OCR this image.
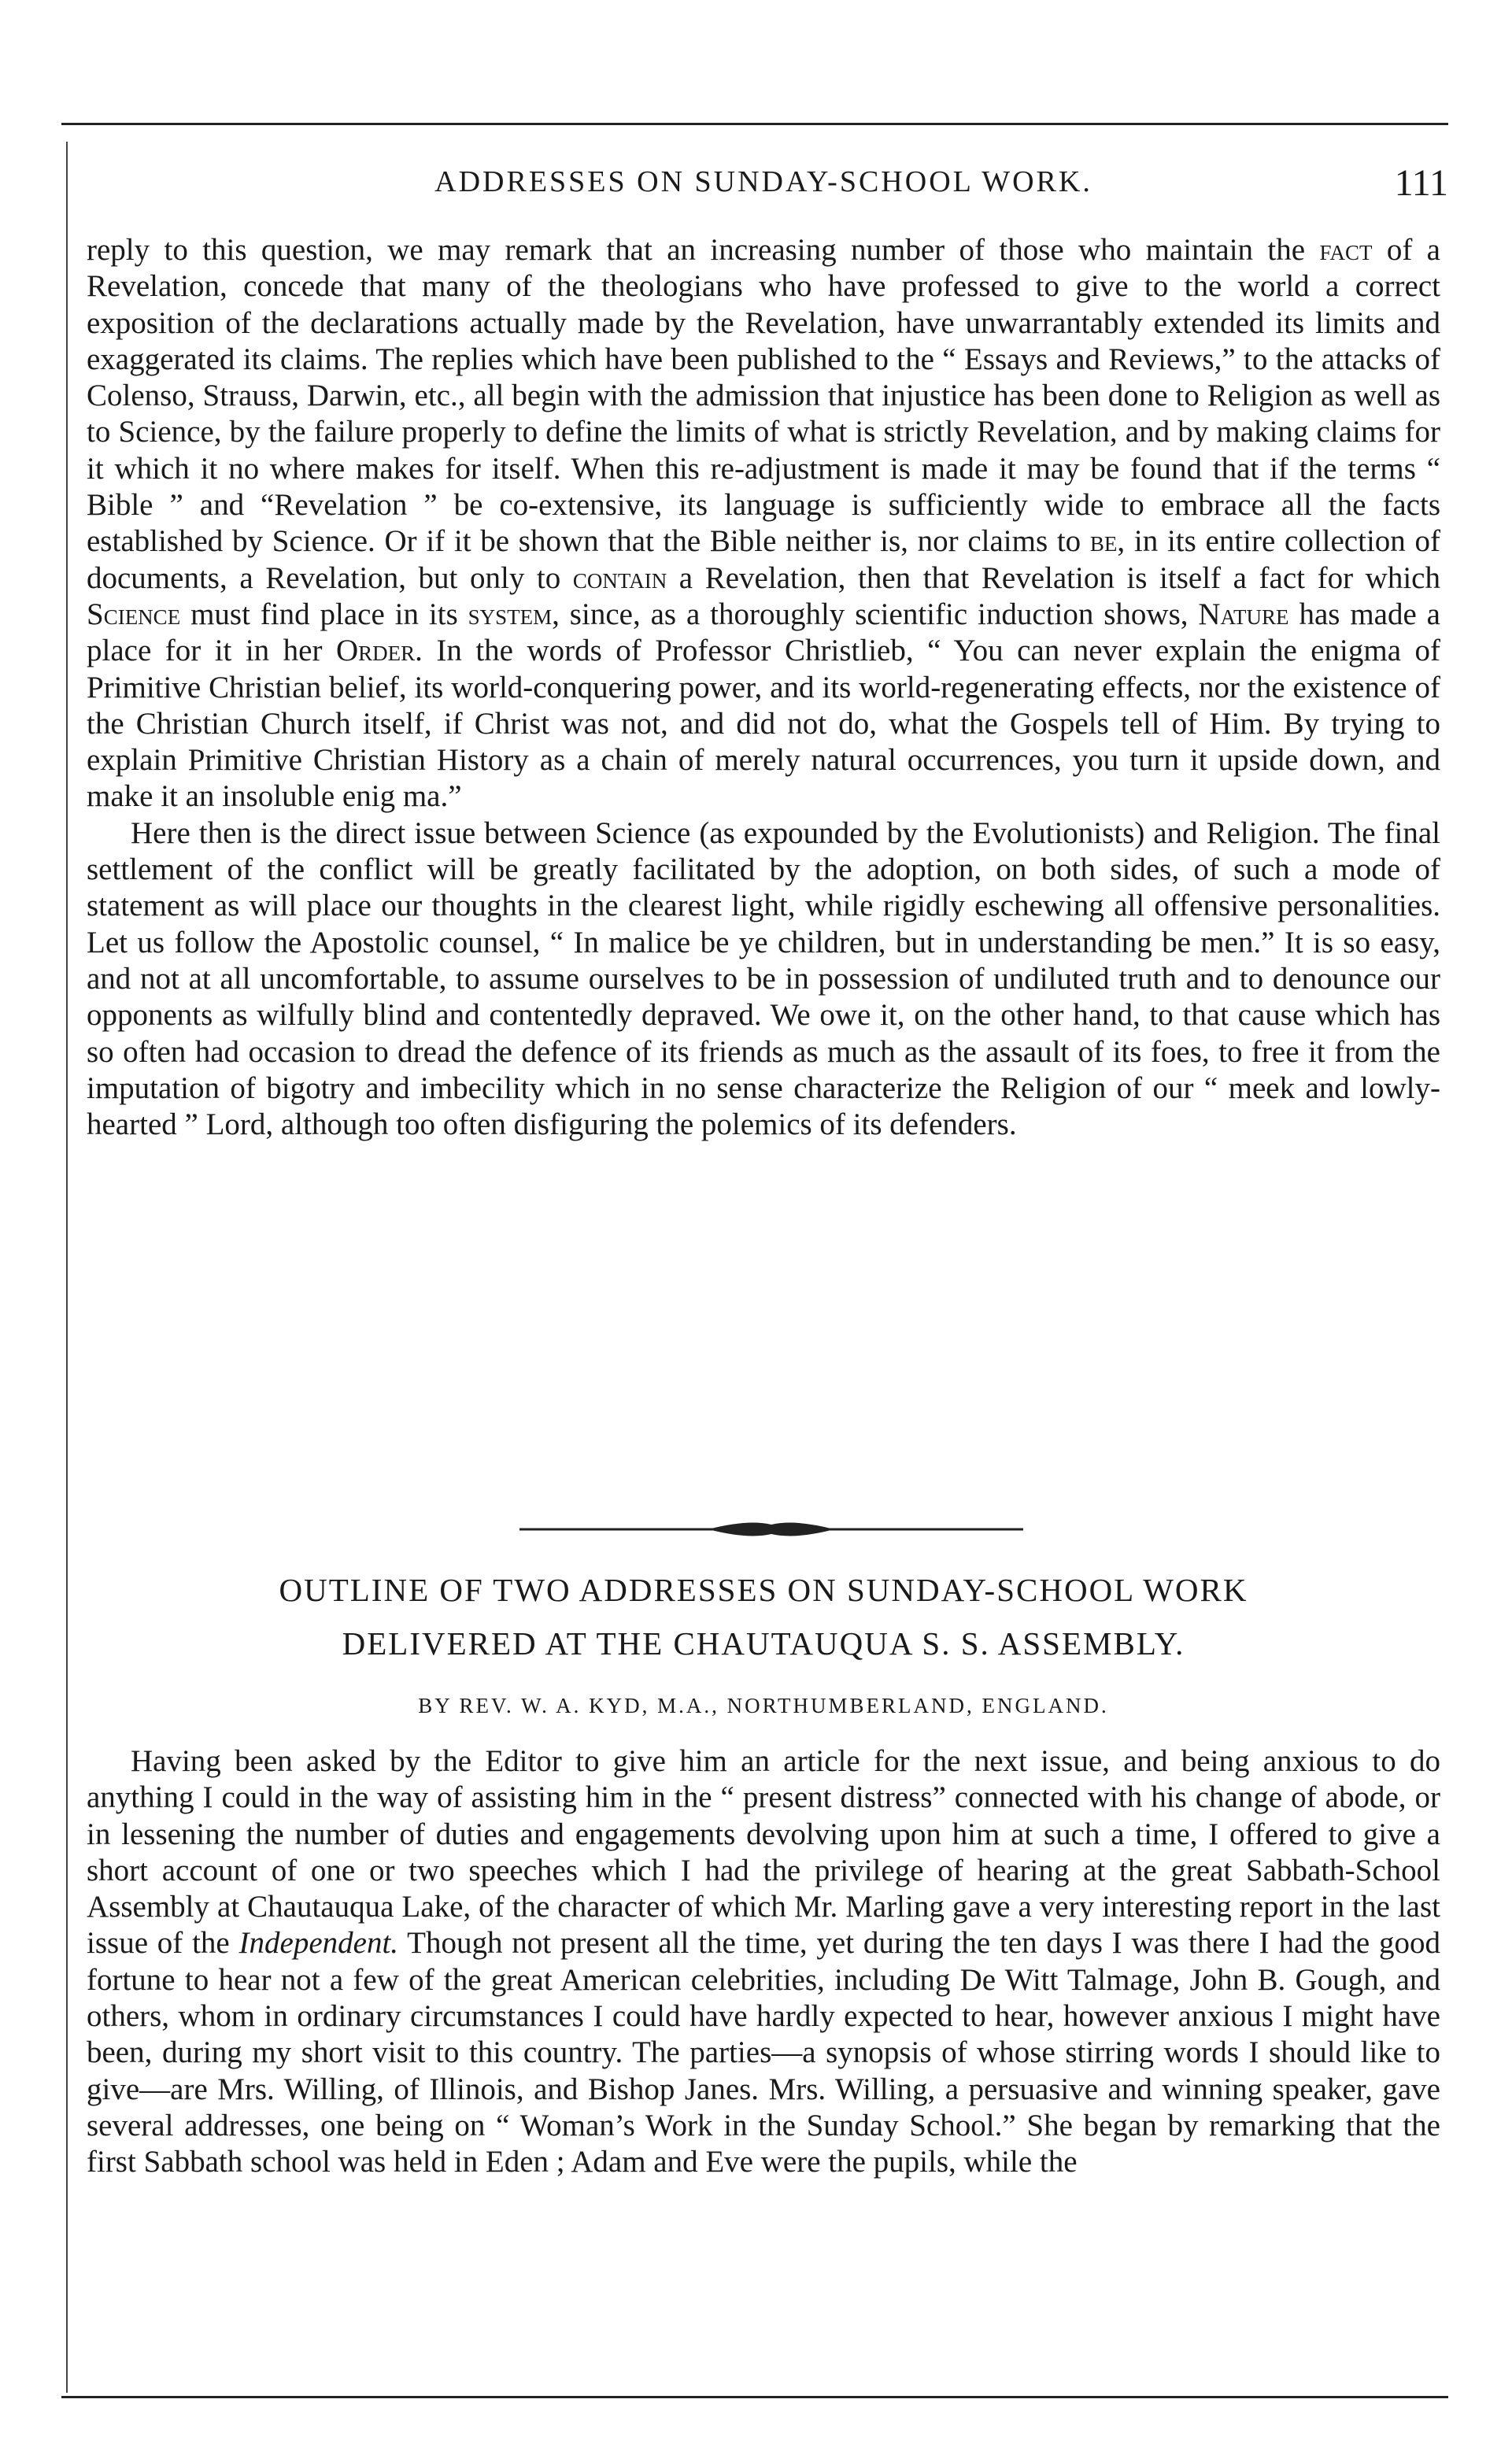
ADDRESSES ON SUNDAY-SCHOOL WORK.	111

reply to this question, we may remark that an increasing number of those who maintain the fact of a Revelation, concede that many of the theologians who have professed to give to the world a correct exposition of the declarations actually made by the Revelation, have unwarrantably extended its limits and exaggerated its claims. The replies which have been published to the “ Essays and Reviews,” to the attacks of Colenso, Strauss, Darwin, etc., all begin with the admission that injustice has been done to Religion as well as to Science, by the failure properly to define the limits of what is strictly Revelation, and by making claims for it which it no where makes for itself. When this re-adjustment is made it may be found that if the terms “ Bible ” and “Revelation ” be co-extensive, its language is sufficiently wide to embrace all the facts established by Science. Or if it be shown that the Bible neither is, nor claims to be, in its entire collection of documents, a Revelation, but only to contain a Revelation, then that Revelation is itself a fact for which Science must find place in its system, since, as a thoroughly scientific induction shows, Nature has made a place for it in her Order. In the words of Professor Christlieb, “ You can never explain the enigma of Primitive Christian belief, its world-conquering power, and its world-regenerating effects, nor the existence of the Christian Church itself, if Christ was not, and did not do, what the Gospels tell of Him. By trying to explain Primitive Christian History as a chain of merely natural occurrences, you turn it upside down, and make it an insoluble enig ma.”

Here then is the direct issue between Science (as expounded by the Evolutionists) and Religion. The final settlement of the conflict will be greatly facilitated by the adoption, on both sides, of such a mode of statement as will place our thoughts in the clearest light, while rigidly eschewing all offensive personalities. Let us follow the Apostolic counsel, “ In malice be ye children, but in understanding be men.” It is so easy, and not at all uncomfortable, to assume ourselves to be in possession of undiluted truth and to denounce our opponents as wilfully blind and contentedly depraved. We owe it, on the other hand, to that cause which has so often had occasion to dread the defence of its friends as much as the assault of its foes, to free it from the imputation of bigotry and imbecility which in no sense characterize the Religion of our “ meek and lowly-hearted ” Lord, although too often disfiguring the polemics of its defenders.

OUTLINE OF TWO ADDRESSES ON SUNDAY-SCHOOL WORK
DELIVERED AT THE CHAUTAUQUA S. S. ASSEMBLY.
BY REV. W. A. KYD, M.A., NORTHUMBERLAND, ENGLAND.

Having been asked by the Editor to give him an article for the next issue, and being anxious to do anything I could in the way of assisting him in the “ present distress” connected with his change of abode, or in lessening the number of duties and engagements devolving upon him at such a time, I offered to give a short account of one or two speeches which I had the privilege of hearing at the great Sabbath-School Assembly at Chautauqua Lake, of the character of which Mr. Marling gave a very interesting report in the last issue of the Independent. Though not present all the time, yet during the ten days I was there I had the good fortune to hear not a few of the great American celebrities, including De Witt Talmage, John B. Gough, and others, whom in ordinary circumstances I could have hardly expected to hear, however anxious I might have been, during my short visit to this country. The parties—a synopsis of whose stirring words I should like to give—are Mrs. Willing, of Illinois, and Bishop Janes. Mrs. Willing, a persuasive and winning speaker, gave several addresses, one being on “ Woman’s Work in the Sunday School.” She began by remarking that the first Sabbath school was held in Eden ; Adam and Eve were the pupils, while the
